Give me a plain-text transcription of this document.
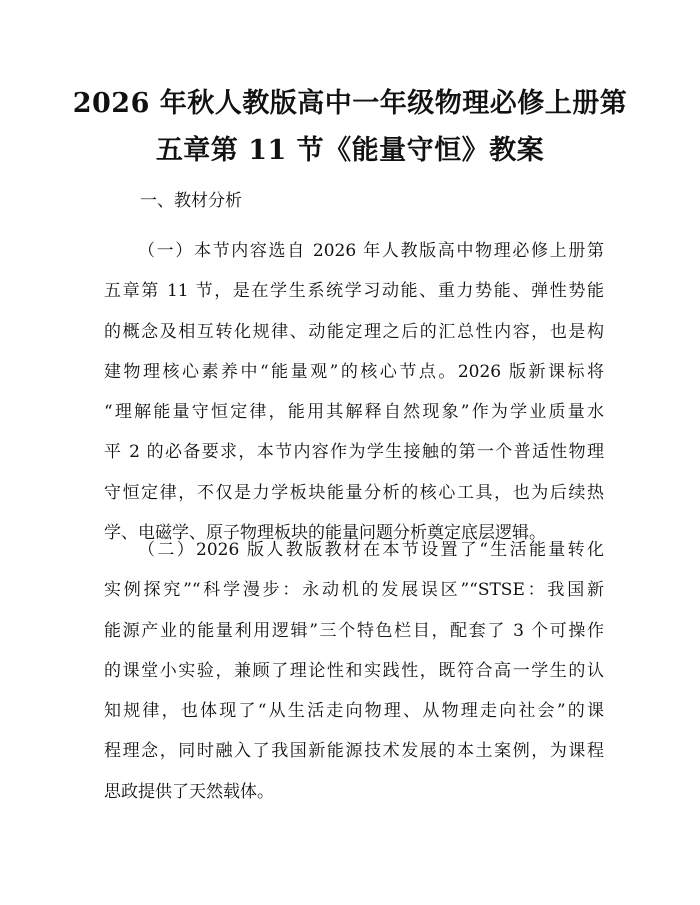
2026 年秋人教版高中一年级物理必修上册第
五章第 11 节《能量守恒》教案
一、教材分析
（一）本节内容选自 2026 年人教版高中物理必修上册第
五章第 11 节，是在学生系统学习动能、重力势能、弹性势能
的概念及相互转化规律、动能定理之后的汇总性内容，也是构
建物理核心素养中“能量观”的核心节点。2026 版新课标将
“理解能量守恒定律，能用其解释自然现象”作为学业质量水
平 2 的必备要求，本节内容作为学生接触的第一个普适性物理
守恒定律，不仅是力学板块能量分析的核心工具，也为后续热
学、电磁学、原子物理板块的能量问题分析奠定底层逻辑。
（二）2026 版人教版教材在本节设置了“生活能量转化
实例探究”“科学漫步：永动机的发展误区”“STSE：我国新
能源产业的能量利用逻辑”三个特色栏目，配套了 3 个可操作
的课堂小实验，兼顾了理论性和实践性，既符合高一学生的认
知规律，也体现了“从生活走向物理、从物理走向社会”的课
程理念，同时融入了我国新能源技术发展的本土案例，为课程
思政提供了天然载体。
